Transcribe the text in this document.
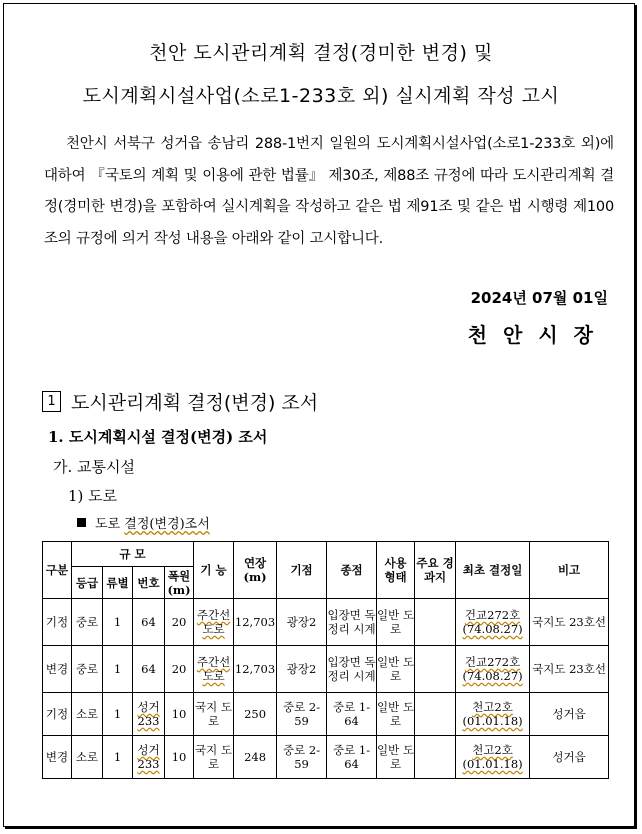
천안 도시관리계획 결정(경미한 변경) 및
도시계획시설사업(소로1-233호 외) 실시계획 작성 고시

천안시 서북구 성거읍 송남리 288-1번지 일원의 도시계획시설사업(소로1-233호 외)에 대하여 『국토의 계획 및 이용에 관한 법률』 제30조, 제88조 규정에 따라 도시관리계획 결정(경미한 변경)을 포함하여 실시계획을 작성하고 같은 법 제91조 및 같은 법 시행령 제100조의 규정에 의거 작성 내용을 아래와 같이 고시합니다.

2024년 07월 01일
천안시장
1 도시관리계획 결정(변경) 조서
1. 도시계획시설 결정(변경) 조서
가. 교통시설
1) 도로
도로 결정(변경)조서
구분	규 모				기 능	연장 (m)	기점	종점	사용 형태	주요 경과지	최초 결정일	비고
	등급	류별	번호	폭원 (m)								
기정	중로	1	64	20	주간선 도로	12,703	광장2	입장면 독정리 시계	일반 도로		건교272호 (74.08.27)	국지도 23호선
변경	중로	1	64	20	주간선 도로	12,703	광장2	입장면 독정리 시계	일반 도로		건교272호 (74.08.27)	국지도 23호선
기정	소로	1	성거 233	10	국지 도로	250	중로 2-59	중로 1-64	일반 도로		천고2호 (01.01.18)	성거읍
변경	소로	1	성거 233	10	국지 도로	248	중로 2-59	중로 1-64	일반 도로		천고2호 (01.01.18)	성거읍
